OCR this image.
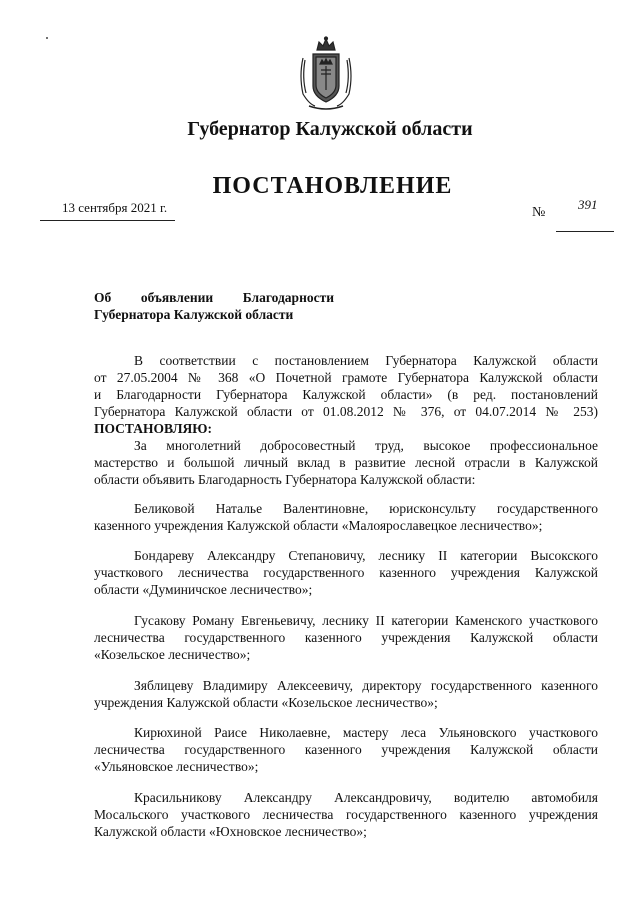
Губернатор Калужской области
ПОСТАНОВЛЕНИЕ
13 сентября 2021 г.	№
391
Об объявлении Благодарности
Губернатора Калужской области
В соответствии с постановлением Губернатора Калужской области
от 27.05.2004 № 368 «О Почетной грамоте Губернатора Калужской области
и Благодарности Губернатора Калужской области» (в ред. постановлений
Губернатора Калужской области от 01.08.2012 № 376, от 04.07.2014 № 253)
ПОСТАНОВЛЯЮ:
За многолетний добросовестный труд, высокое профессиональное
мастерство и большой личный вклад в развитие лесной отрасли в Калужской
области объявить Благодарность Губернатора Калужской области:
Беликовой Наталье Валентиновне, юрисконсульту государственного
казенного учреждения Калужской области «Малоярославецкое лесничество»;
Бондареву Александру Степановичу, леснику II категории Высокского
участкового лесничества государственного казенного учреждения Калужской
области «Думиничское лесничество»;
Гусакову Роману Евгеньевичу, леснику II категории Каменского участкового
лесничества государственного казенного учреждения Калужской области
«Козельское лесничество»;
Зяблицеву Владимиру Алексеевичу, директору государственного казенного
учреждения Калужской области «Козельское лесничество»;
Кирюхиной Раисе Николаевне, мастеру леса Ульяновского участкового
лесничества государственного казенного учреждения Калужской области
«Ульяновское лесничество»;
Красильникову Александру Александровичу, водителю автомобиля
Мосальского участкового лесничества государственного казенного учреждения
Калужской области «Юхновское лесничество»;
